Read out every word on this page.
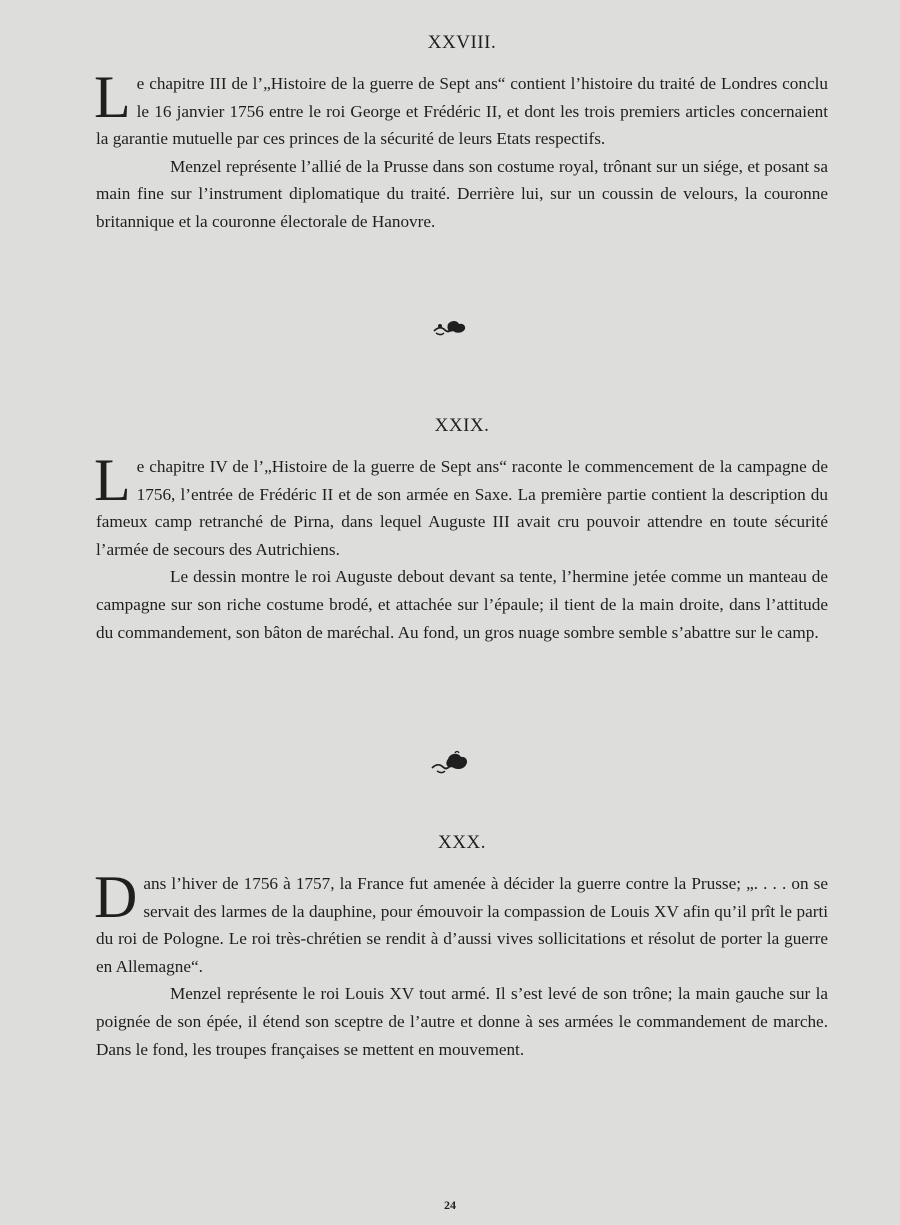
XXVIII.

Le chapitre III de l’„Histoire de la guerre de Sept ans“ contient l’histoire du traité de Londres conclu le 16 janvier 1756 entre le roi George et Frédéric II, et dont les trois premiers articles concernaient la garantie mutuelle par ces princes de la sécurité de leurs Etats respectifs.

Menzel représente l’allié de la Prusse dans son costume royal, trônant sur un siége, et posant sa main fine sur l’instrument diplomatique du traité. Derrière lui, sur un coussin de velours, la couronne britannique et la couronne électorale de Hanovre.

XXIX.

Le chapitre IV de l’„Histoire de la guerre de Sept ans“ raconte le commencement de la campagne de 1756, l’entrée de Frédéric II et de son armée en Saxe. La première partie contient la description du fameux camp retranché de Pirna, dans lequel Auguste III avait cru pouvoir attendre en toute sécurité l’armée de secours des Autrichiens.

Le dessin montre le roi Auguste debout devant sa tente, l’hermine jetée comme un manteau de campagne sur son riche costume brodé, et attachée sur l’épaule; il tient de la main droite, dans l’attitude du commandement, son bâton de maréchal. Au fond, un gros nuage sombre semble s’abattre sur le camp.

XXX.

Dans l’hiver de 1756 à 1757, la France fut amenée à décider la guerre contre la Prusse; „. . . . on se servait des larmes de la dauphine, pour émouvoir la compassion de Louis XV afin qu’il prît le parti du roi de Pologne. Le roi très-chrétien se rendit à d’aussi vives sollicitations et résolut de porter la guerre en Allemagne“.

Menzel représente le roi Louis XV tout armé. Il s’est levé de son trône; la main gauche sur la poignée de son épée, il étend son sceptre de l’autre et donne à ses armées le commandement de marche. Dans le fond, les troupes françaises se mettent en mouvement.

24
